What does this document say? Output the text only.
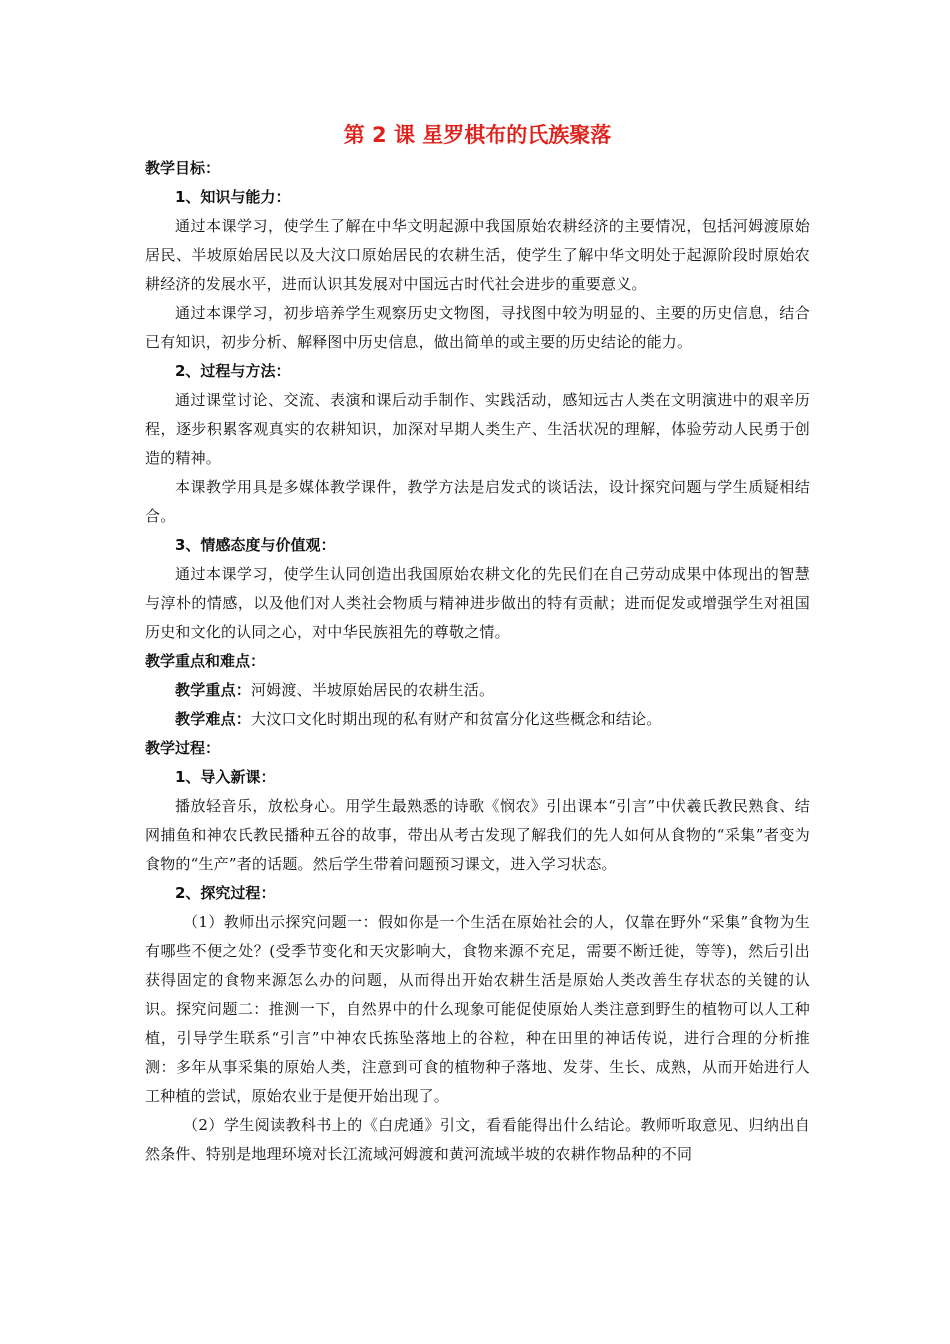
第 2 课 星罗棋布的氏族聚落

教学目标：

1、知识与能力：

通过本课学习，使学生了解在中华文明起源中我国原始农耕经济的主要情况，包括河姆渡原始居民、半坡原始居民以及大汶口原始居民的农耕生活，使学生了解中华文明处于起源阶段时原始农耕经济的发展水平，进而认识其发展对中国远古时代社会进步的重要意义。

通过本课学习，初步培养学生观察历史文物图，寻找图中较为明显的、主要的历史信息，结合已有知识，初步分析、解释图中历史信息，做出简单的或主要的历史结论的能力。

2、过程与方法：

通过课堂讨论、交流、表演和课后动手制作、实践活动，感知远古人类在文明演进中的艰辛历程，逐步积累客观真实的农耕知识，加深对早期人类生产、生活状况的理解，体验劳动人民勇于创造的精神。

本课教学用具是多媒体教学课件，教学方法是启发式的谈话法，设计探究问题与学生质疑相结合。

3、情感态度与价值观：

通过本课学习，使学生认同创造出我国原始农耕文化的先民们在自己劳动成果中体现出的智慧与淳朴的情感，以及他们对人类社会物质与精神进步做出的特有贡献；进而促发或增强学生对祖国历史和文化的认同之心，对中华民族祖先的尊敬之情。

教学重点和难点：

教学重点：河姆渡、半坡原始居民的农耕生活。

教学难点：大汶口文化时期出现的私有财产和贫富分化这些概念和结论。

教学过程：

1、导入新课：

播放轻音乐，放松身心。用学生最熟悉的诗歌《悯农》引出课本“引言”中伏羲氏教民熟食、结网捕鱼和神农氏教民播种五谷的故事，带出从考古发现了解我们的先人如何从食物的“采集”者变为食物的“生产”者的话题。然后学生带着问题预习课文，进入学习状态。

2、探究过程：

（1）教师出示探究问题一：假如你是一个生活在原始社会的人，仅靠在野外“采集”食物为生有哪些不便之处？(受季节变化和天灾影响大，食物来源不充足，需要不断迁徙，等等)，然后引出获得固定的食物来源怎么办的问题，从而得出开始农耕生活是原始人类改善生存状态的关键的认识。探究问题二：推测一下，自然界中的什么现象可能促使原始人类注意到野生的植物可以人工种植，引导学生联系“引言”中神农氏拣坠落地上的谷粒，种在田里的神话传说，进行合理的分析推测：多年从事采集的原始人类，注意到可食的植物种子落地、发芽、生长、成熟，从而开始进行人工种植的尝试，原始农业于是便开始出现了。

（2）学生阅读教科书上的《白虎通》引文，看看能得出什么结论。教师听取意见、归纳出自然条件、特别是地理环境对长江流域河姆渡和黄河流域半坡的农耕作物品种的不同
